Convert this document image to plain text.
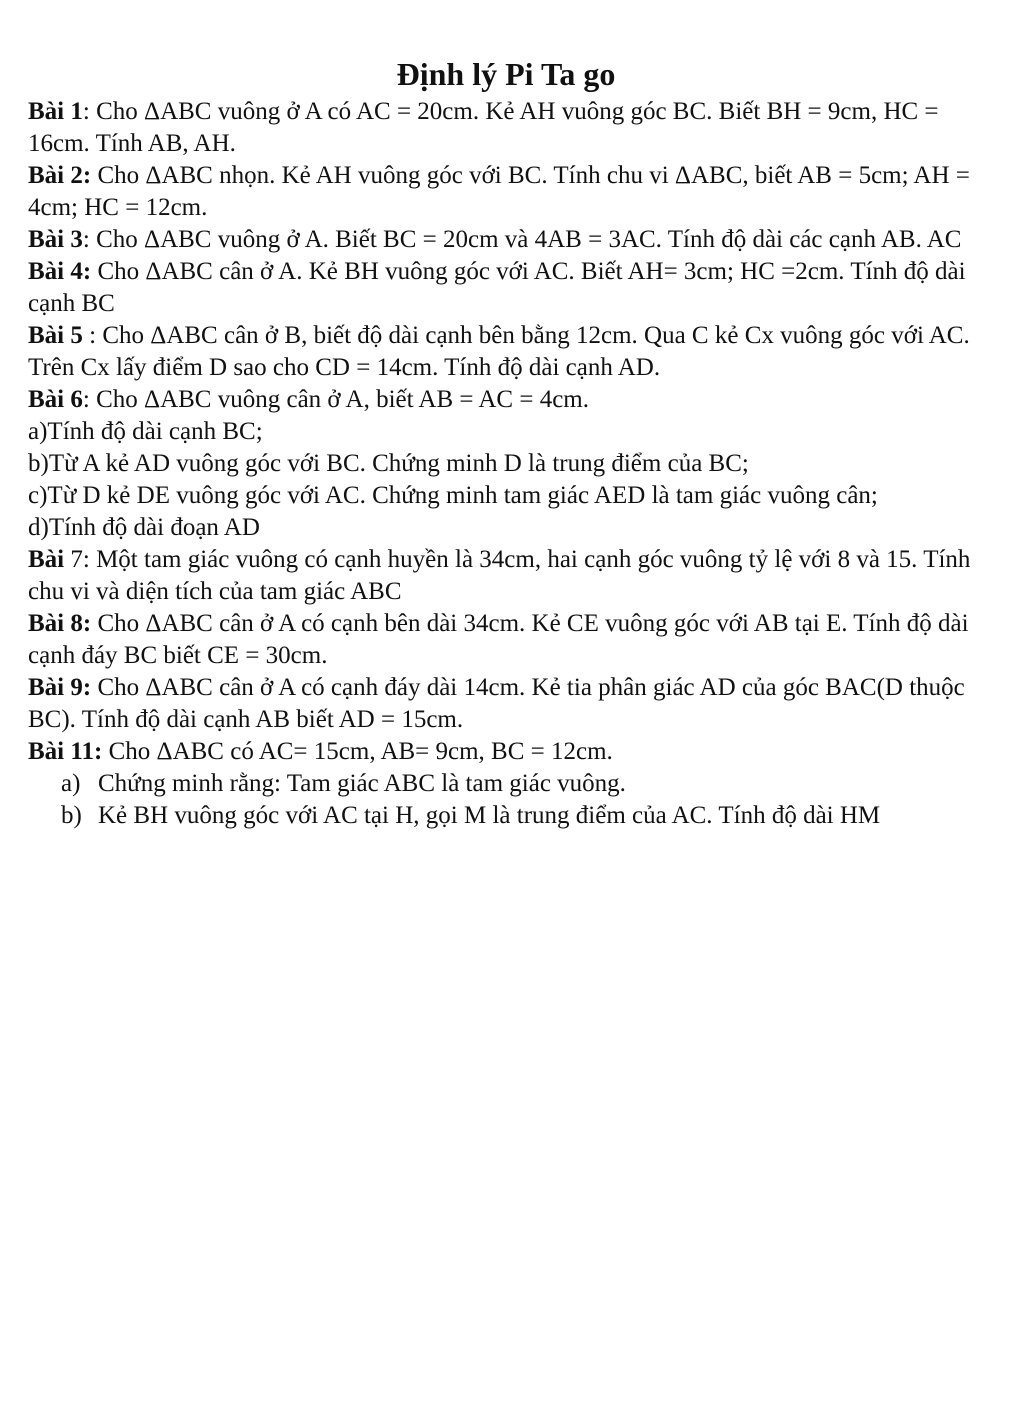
Định lý Pi Ta go
Bài 1: Cho ΔABC vuông ở A có AC = 20cm. Kẻ AH vuông góc BC. Biết BH = 9cm, HC = 16cm. Tính AB, AH.
Bài 2: Cho ΔABC nhọn. Kẻ AH vuông góc với BC. Tính chu vi ΔABC, biết AB = 5cm; AH = 4cm; HC = 12cm.
Bài 3: Cho ΔABC vuông ở A. Biết BC = 20cm và 4AB = 3AC. Tính độ dài các cạnh AB. AC
Bài 4: Cho ΔABC cân ở A. Kẻ BH vuông góc với AC. Biết AH= 3cm; HC =2cm. Tính độ dài cạnh BC
Bài 5 : Cho ΔABC cân ở B, biết độ dài cạnh bên bằng 12cm. Qua C kẻ Cx vuông góc với AC. Trên Cx lấy điểm D sao cho CD = 14cm. Tính độ dài cạnh AD.
Bài 6: Cho ΔABC vuông cân ở A, biết AB = AC = 4cm.
a)Tính độ dài cạnh BC;
b)Từ A kẻ AD vuông góc với BC. Chứng minh D là trung điểm của BC;
c)Từ D kẻ DE vuông góc với AC. Chứng minh tam giác AED là tam giác vuông cân;
d)Tính độ dài đoạn AD
Bài 7: Một tam giác vuông có cạnh huyền là 34cm, hai cạnh góc vuông tỷ lệ với 8 và 15. Tính chu vi và diện tích của tam giác ABC
Bài 8: Cho ΔABC cân ở A có cạnh bên dài 34cm. Kẻ CE vuông góc với AB tại E. Tính độ dài cạnh đáy BC biết CE = 30cm.
Bài 9: Cho ΔABC cân ở A có cạnh đáy dài 14cm. Kẻ tia phân giác AD của góc BAC(D thuộc BC). Tính độ dài cạnh AB biết AD = 15cm.
Bài 11: Cho ΔABC có AC= 15cm, AB= 9cm, BC = 12cm.
a) Chứng minh rằng: Tam giác ABC là tam giác vuông.
b) Kẻ BH vuông góc với AC tại H, gọi M là trung điểm của AC. Tính độ dài HM
